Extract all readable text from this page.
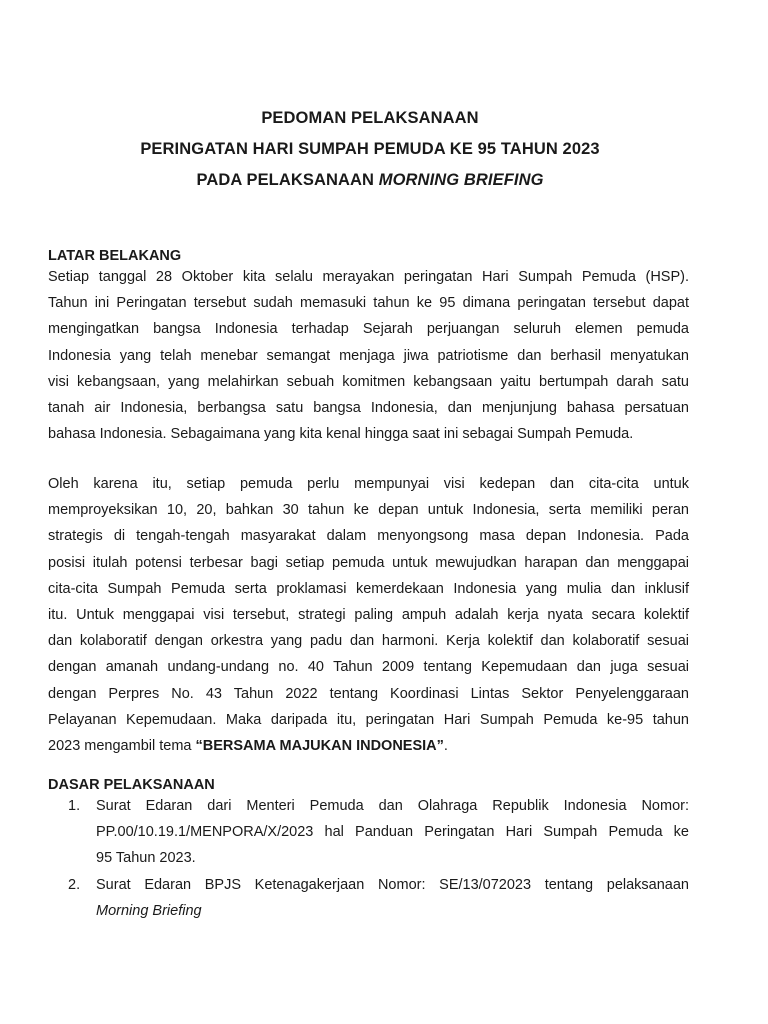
PEDOMAN PELAKSANAAN
PERINGATAN HARI SUMPAH PEMUDA KE 95 TAHUN 2023
PADA PELAKSANAAN MORNING BRIEFING
LATAR BELAKANG
Setiap tanggal 28 Oktober kita selalu merayakan peringatan Hari Sumpah Pemuda (HSP).
Tahun ini Peringatan tersebut sudah memasuki tahun ke 95 dimana peringatan tersebut dapat
mengingatkan bangsa Indonesia terhadap Sejarah perjuangan seluruh elemen pemuda
Indonesia yang telah menebar semangat menjaga jiwa patriotisme dan berhasil menyatukan
visi kebangsaan, yang melahirkan sebuah komitmen kebangsaan yaitu bertumpah darah satu
tanah air Indonesia, berbangsa satu bangsa Indonesia, dan menjunjung bahasa persatuan
bahasa Indonesia. Sebagaimana yang kita kenal hingga saat ini sebagai Sumpah Pemuda.
Oleh karena itu, setiap pemuda perlu mempunyai visi kedepan dan cita-cita untuk
memproyeksikan 10, 20, bahkan 30 tahun ke depan untuk Indonesia, serta memiliki peran
strategis di tengah-tengah masyarakat dalam menyongsong masa depan Indonesia. Pada
posisi itulah potensi terbesar bagi setiap pemuda untuk mewujudkan harapan dan menggapai
cita-cita Sumpah Pemuda serta proklamasi kemerdekaan Indonesia yang mulia dan inklusif
itu. Untuk menggapai visi tersebut, strategi paling ampuh adalah kerja nyata secara kolektif
dan kolaboratif dengan orkestra yang padu dan harmoni. Kerja kolektif dan kolaboratif sesuai
dengan amanah undang-undang no. 40 Tahun 2009 tentang Kepemudaan dan juga sesuai
dengan Perpres No. 43 Tahun 2022 tentang Koordinasi Lintas Sektor Penyelenggaraan
Pelayanan Kepemudaan. Maka daripada itu, peringatan Hari Sumpah Pemuda ke-95 tahun
2023 mengambil tema “BERSAMA MAJUKAN INDONESIA”.
DASAR PELAKSANAAN
1. Surat Edaran dari Menteri Pemuda dan Olahraga Republik Indonesia Nomor:
PP.00/10.19.1/MENPORA/X/2023 hal Panduan Peringatan Hari Sumpah Pemuda ke
95 Tahun 2023.
2. Surat Edaran BPJS Ketenagakerjaan Nomor: SE/13/072023 tentang pelaksanaan
Morning Briefing
